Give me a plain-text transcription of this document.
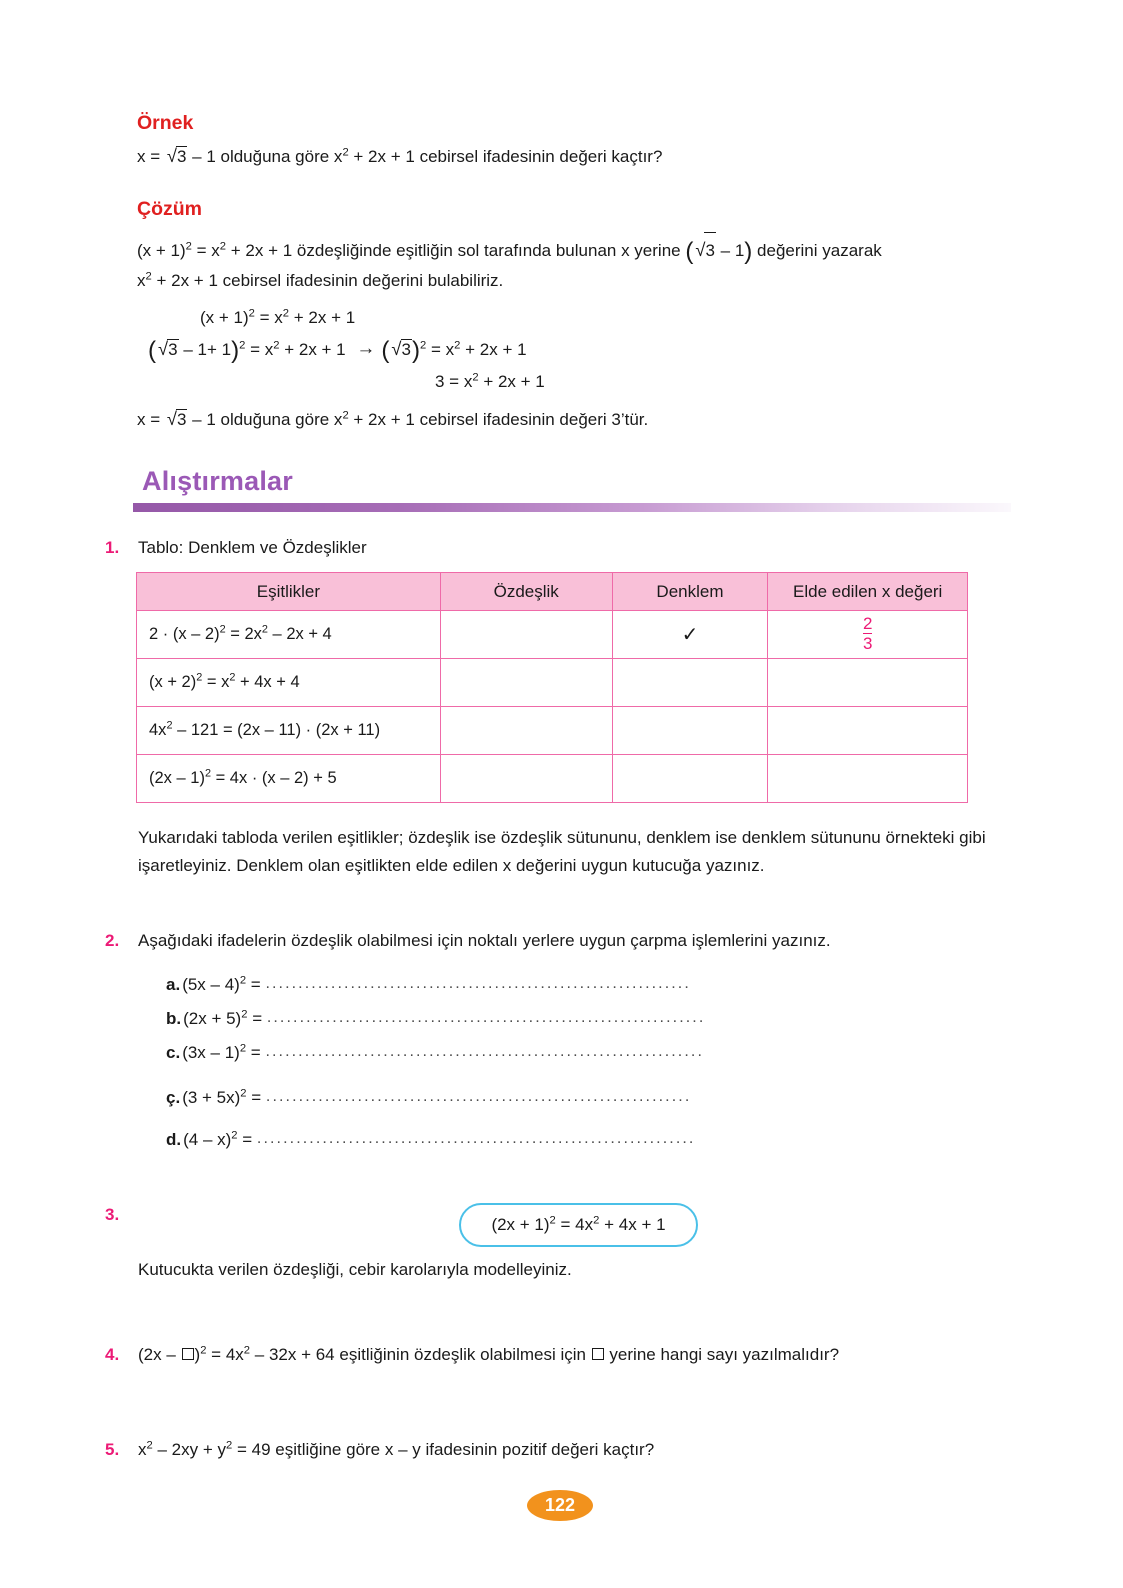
Örnek
x = √3 – 1 olduğuna göre $x^2 + 2x + 1$ cebirsel ifadesinin değeri kaçtır?
Çözüm
$(x + 1)^2 = x^2 + 2x + 1$ özdeşliğinde eşitliğin sol tarafında bulunan x yerine ( √3 – 1) değerini yazarak
$x^2 + 2x + 1$ cebirsel ifadesinin değerini bulabiliriz.
$(x + 1)^2 = x^2 + 2x + 1$
( $√3 - 1+ 1)^2 = x^2 + 2x + 1$ → ( $√3)^2 = x^2 + 2x + 1$
$3 = x^2 + 2x + 1$
x = √3 – 1 olduğuna göre $x^2 + 2x + 1$ cebirsel ifadesinin değeri 3’tür.
Alıştırmalar
1. Tablo: Denklem ve Özdeşlikler
Eşitlikler	Özdeşlik	Denklem	Elde edilen x değeri
$2 \cdot (x - 2)^2 = 2x^2 - 2x + 4$		✓	$\frac{2}{3}$

$(x + 2)^2 = x^2 + 4x + 4$			
$4x^2 - 121 = (2x - 11) \cdot (2x + 11)$			
(2x – 1)$^2$ = 4x · (x – 2) + 5			
Yukarıdaki tabloda verilen eşitlikler; özdeşlik ise özdeşlik sütununu, denklem ise denklem sütununu örnekteki gibi işaretleyiniz. Denklem olan eşitlikten elde edilen x değerini uygun kutucuğa yazınız.
2. Aşağıdaki ifadelerin özdeşlik olabilmesi için noktalı yerlere uygun çarpma işlemlerini yazınız.
a. (5x – 4)$^2$ = .................................................................
b. $(2x + 5)^2$ = ...................................................................
c. (3x – 1)$^2$ = ...................................................................
ç. $(3 + 5x)^2$ = .................................................................
d. (4 – x)$^2$ = ...................................................................
3.
$(2x + 1)^2 = 4x^2 + 4x + 1$
Kutucukta verilen özdeşliği, cebir karolarıyla modelleyiniz.
4. $(2x - )^2 = 4x^2 - 32x + 64$ eşitliğinin özdeşlik olabilmesi için  yerine hangi sayı yazılmalıdır?
5. $x^2 - 2xy + y^2 = 49$ eşitliğine göre x – y ifadesinin pozitif değeri kaçtır?
122
